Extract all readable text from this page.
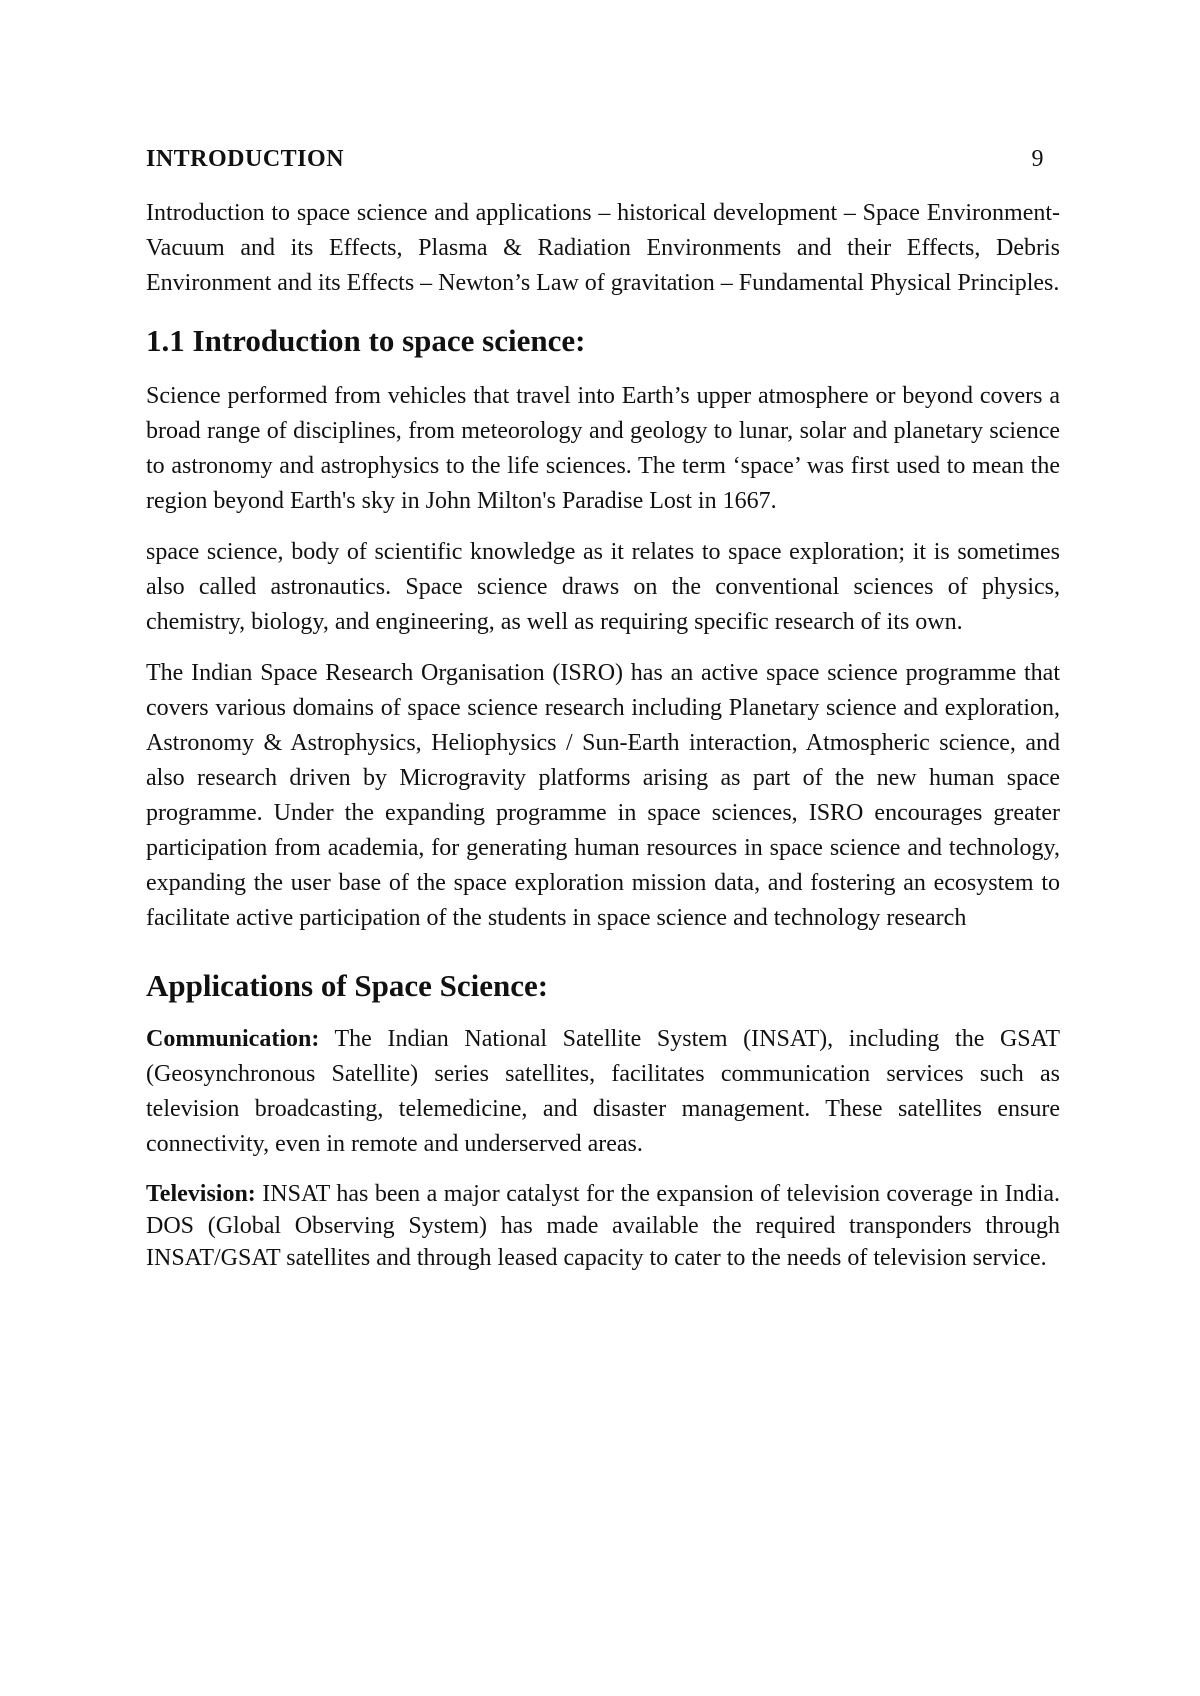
INTRODUCTION	9

Introduction to space science and applications – historical development – Space Environment- Vacuum and its Effects, Plasma & Radiation Environments and their Effects, Debris Environment and its Effects – Newton’s Law of gravitation – Fundamental Physical Principles.

1.1 Introduction to space science:

Science performed from vehicles that travel into Earth’s upper atmosphere or beyond covers a broad range of disciplines, from meteorology and geology to lunar, solar and planetary science to astronomy and astrophysics to the life sciences. The term ‘space’ was first used to mean the region beyond Earth's sky in John Milton's Paradise Lost in 1667.

space science, body of scientific knowledge as it relates to space exploration; it is sometimes also called astronautics. Space science draws on the conventional sciences of physics, chemistry, biology, and engineering, as well as requiring specific research of its own.

The Indian Space Research Organisation (ISRO) has an active space science programme that covers various domains of space science research including Planetary science and exploration, Astronomy & Astrophysics, Heliophysics / Sun-Earth interaction, Atmospheric science, and also research driven by Microgravity platforms arising as part of the new human space programme. Under the expanding programme in space sciences, ISRO encourages greater participation from academia, for generating human resources in space science and technology, expanding the user base of the space exploration mission data, and fostering an ecosystem to facilitate active participation of the students in space science and technology research

Applications of Space Science:

Communication: The Indian National Satellite System (INSAT), including the GSAT (Geosynchronous Satellite) series satellites, facilitates communication services such as television broadcasting, telemedicine, and disaster management. These satellites ensure connectivity, even in remote and underserved areas.

Television: INSAT has been a major catalyst for the expansion of television coverage in India. DOS (Global Observing System) has made available the required transponders through INSAT/GSAT satellites and through leased capacity to cater to the needs of television service.
